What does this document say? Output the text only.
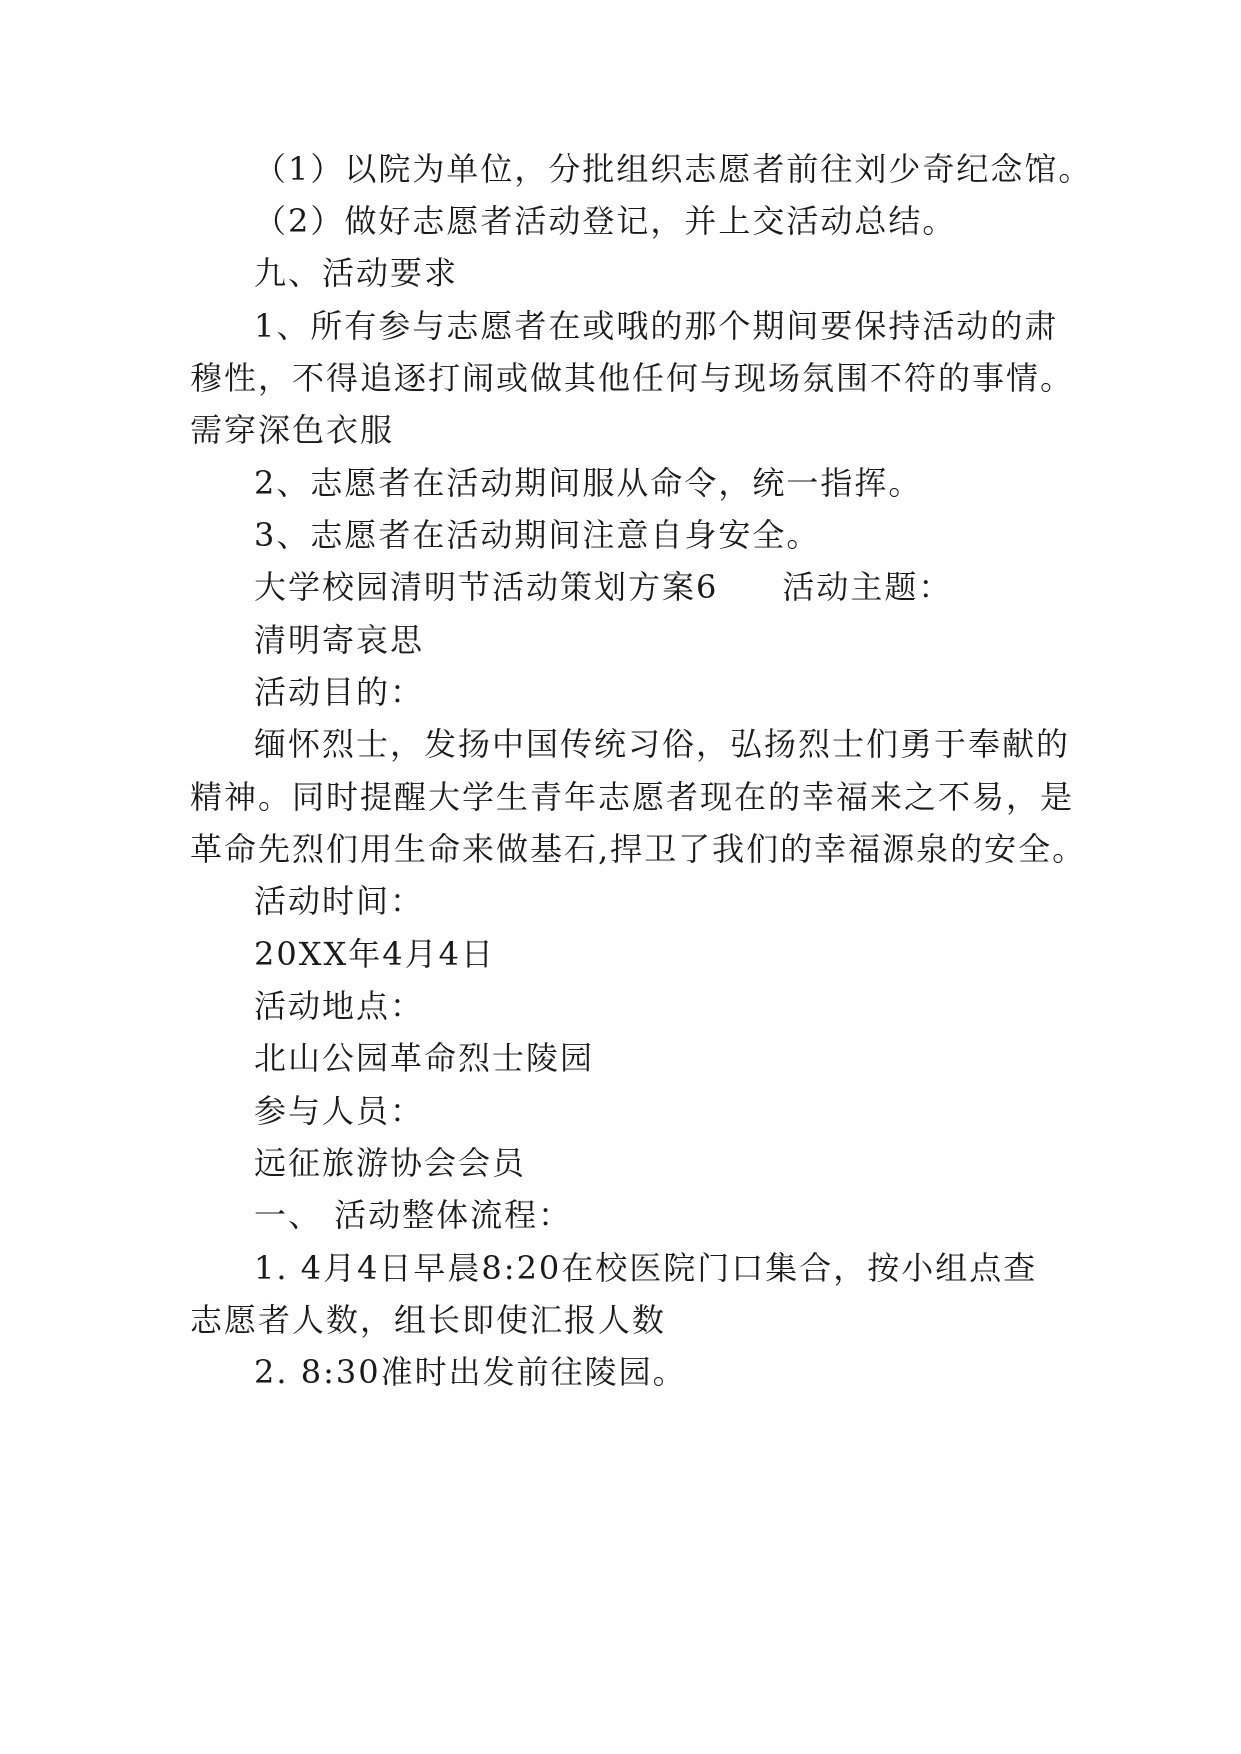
（1）以院为单位，分批组织志愿者前往刘少奇纪念馆。
（2）做好志愿者活动登记，并上交活动总结。
九、活动要求
1、所有参与志愿者在或哦的那个期间要保持活动的肃
穆性，不得追逐打闹或做其他任何与现场氛围不符的事情。
需穿深色衣服
2、志愿者在活动期间服从命令，统一指挥。
3、志愿者在活动期间注意自身安全。
大学校园清明节活动策划方案6 活动主题：
清明寄哀思
活动目的：
缅怀烈士，发扬中国传统习俗，弘扬烈士们勇于奉献的
精神。同时提醒大学生青年志愿者现在的幸福来之不易，是
革命先烈们用生命来做基石,捍卫了我们的幸福源泉的安全。
活动时间：
20XX年4月4日
活动地点：
北山公园革命烈士陵园
参与人员：
远征旅游协会会员
一、 活动整体流程：
1. 4月4日早晨8:20在校医院门口集合，按小组点查
志愿者人数，组长即使汇报人数
2. 8:30准时出发前往陵园。
